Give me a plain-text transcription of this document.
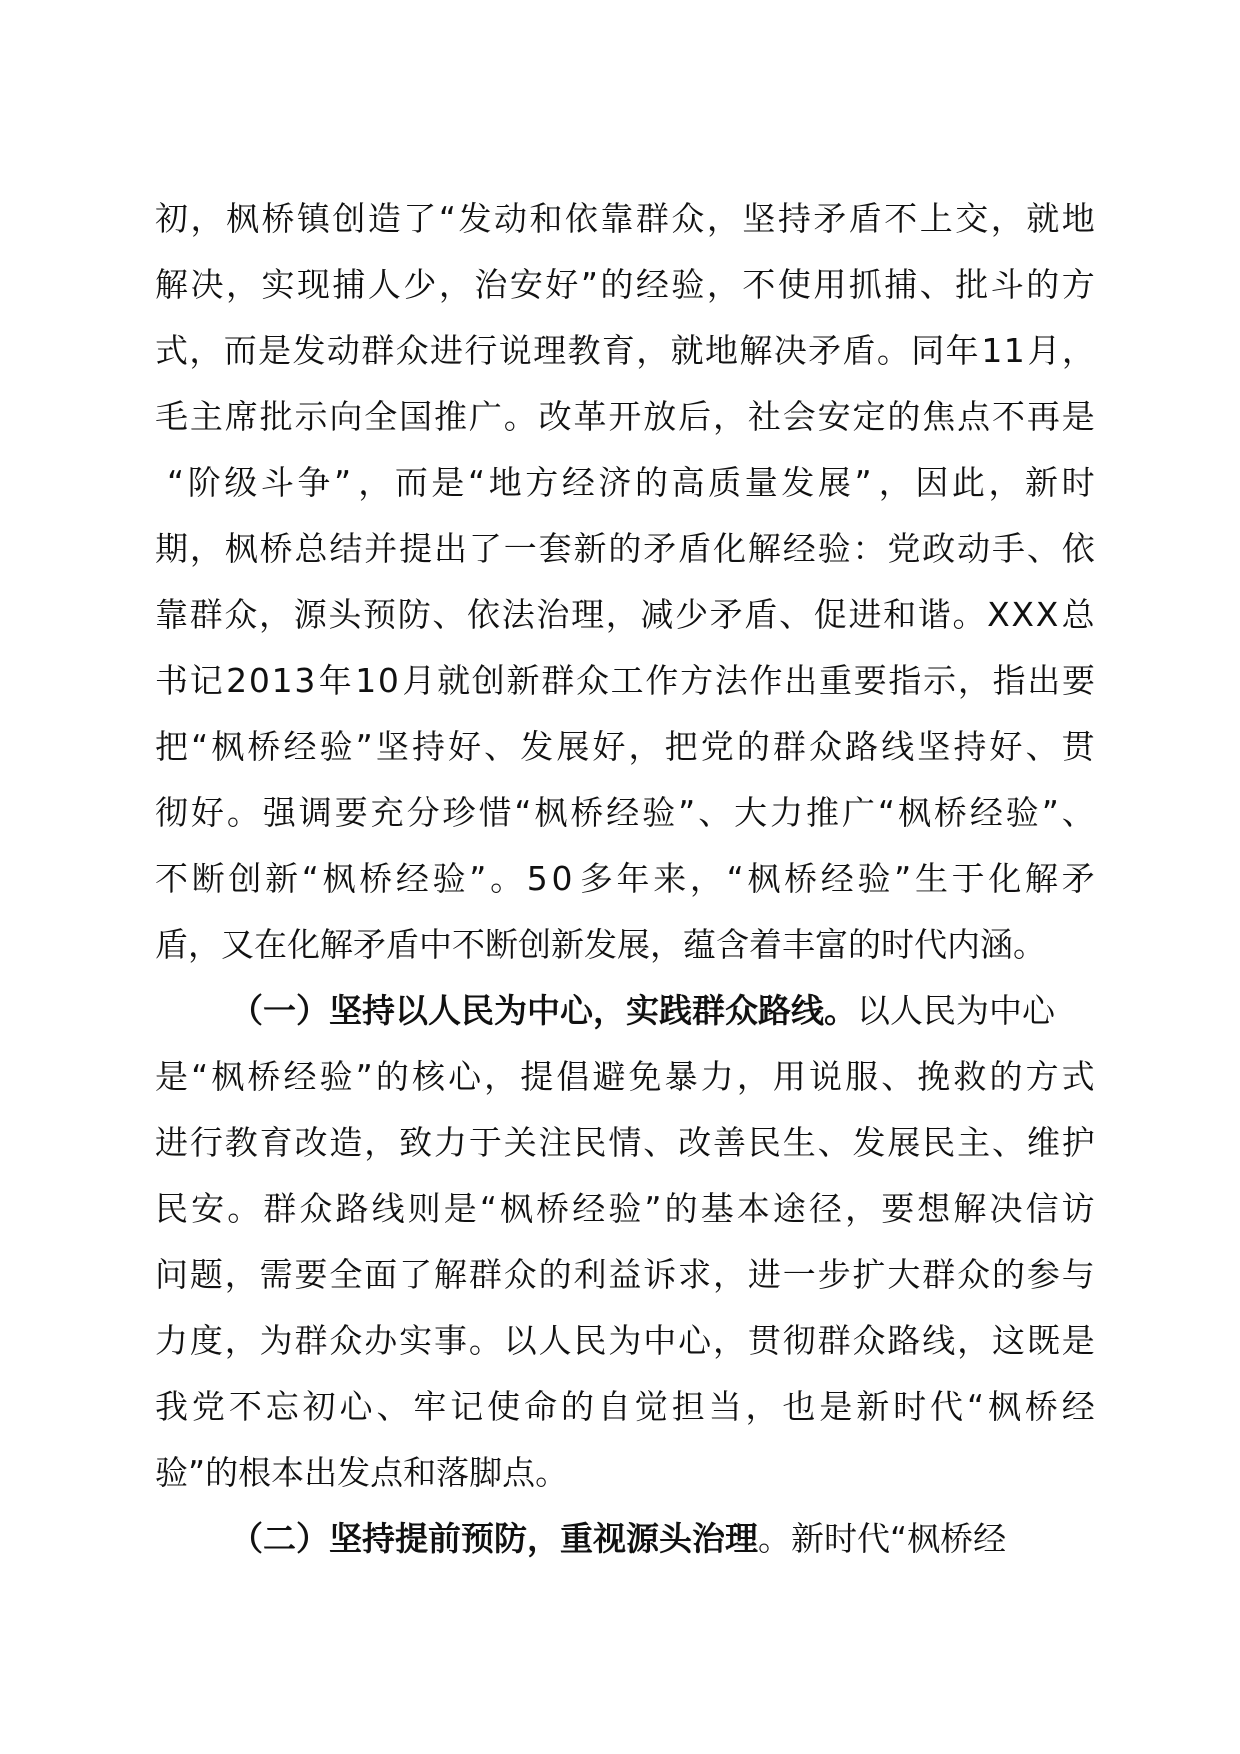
初 ， 枫 桥 镇 创 造 了 “ 发 动 和 依 靠 群 众 ， 坚 持 矛 盾 不 上 交 ， 就 地
解 决 ， 实 现 捕 人 少 ， 治 安 好 ” 的 经 验 ， 不 使 用 抓 捕 、 批 斗 的 方
式 ， 而 是 发 动 群 众 进 行 说 理 教 育 ， 就 地 解 决 矛 盾 。 同 年 1 1 月 ，
毛 主 席 批 示 向 全 国 推 广 。 改 革 开 放 后 ， 社 会 安 定 的 焦 点 不 再 是
“ 阶 级 斗 争 ” ， 而 是 “ 地 方 经 济 的 高 质 量 发 展 ” ， 因 此 ， 新 时
期 ， 枫 桥 总 结 并 提 出 了 一 套 新 的 矛 盾 化 解 经 验 ： 党 政 动 手 、 依
靠 群 众 ， 源 头 预 防 、 依 法 治 理 ， 减 少 矛 盾 、 促 进 和 谐 。 X X X 总
书 记 2 0 1 3 年 1 0 月 就 创 新 群 众 工 作 方 法 作 出 重 要 指 示 ， 指 出 要
把 “ 枫 桥 经 验 ” 坚 持 好 、 发 展 好 ， 把 党 的 群 众 路 线 坚 持 好 、 贯
彻 好 。 强 调 要 充 分 珍 惜 “ 枫 桥 经 验 ” 、 大 力 推 广 “ 枫 桥 经 验 ” 、
不 断 创 新 “ 枫 桥 经 验 ” 。 5 0 多 年 来 ， “ 枫 桥 经 验 ” 生 于 化 解 矛
盾，又在化解矛盾中不断创新发展，蕴含着丰富的时代内涵。
（一）坚持以人民为中心，实践群众路线。 以人民为中心
是 “ 枫 桥 经 验 ” 的 核 心 ， 提 倡 避 免 暴 力 ， 用 说 服 、 挽 救 的 方 式
进 行 教 育 改 造 ， 致 力 于 关 注 民 情 、 改 善 民 生 、 发 展 民 主 、 维 护
民 安 。 群 众 路 线 则 是 “ 枫 桥 经 验 ” 的 基 本 途 径 ， 要 想 解 决 信 访
问 题 ， 需 要 全 面 了 解 群 众 的 利 益 诉 求 ， 进 一 步 扩 大 群 众 的 参 与
力 度 ， 为 群 众 办 实 事 。 以 人 民 为 中 心 ， 贯 彻 群 众 路 线 ， 这 既 是
我 党 不 忘 初 心 、 牢 记 使 命 的 自 觉 担 当 ， 也 是 新 时 代 “ 枫 桥 经
验”的根本出发点和落脚点。
（二）坚持提前预防，重视源头治理 。新时代“枫桥经
